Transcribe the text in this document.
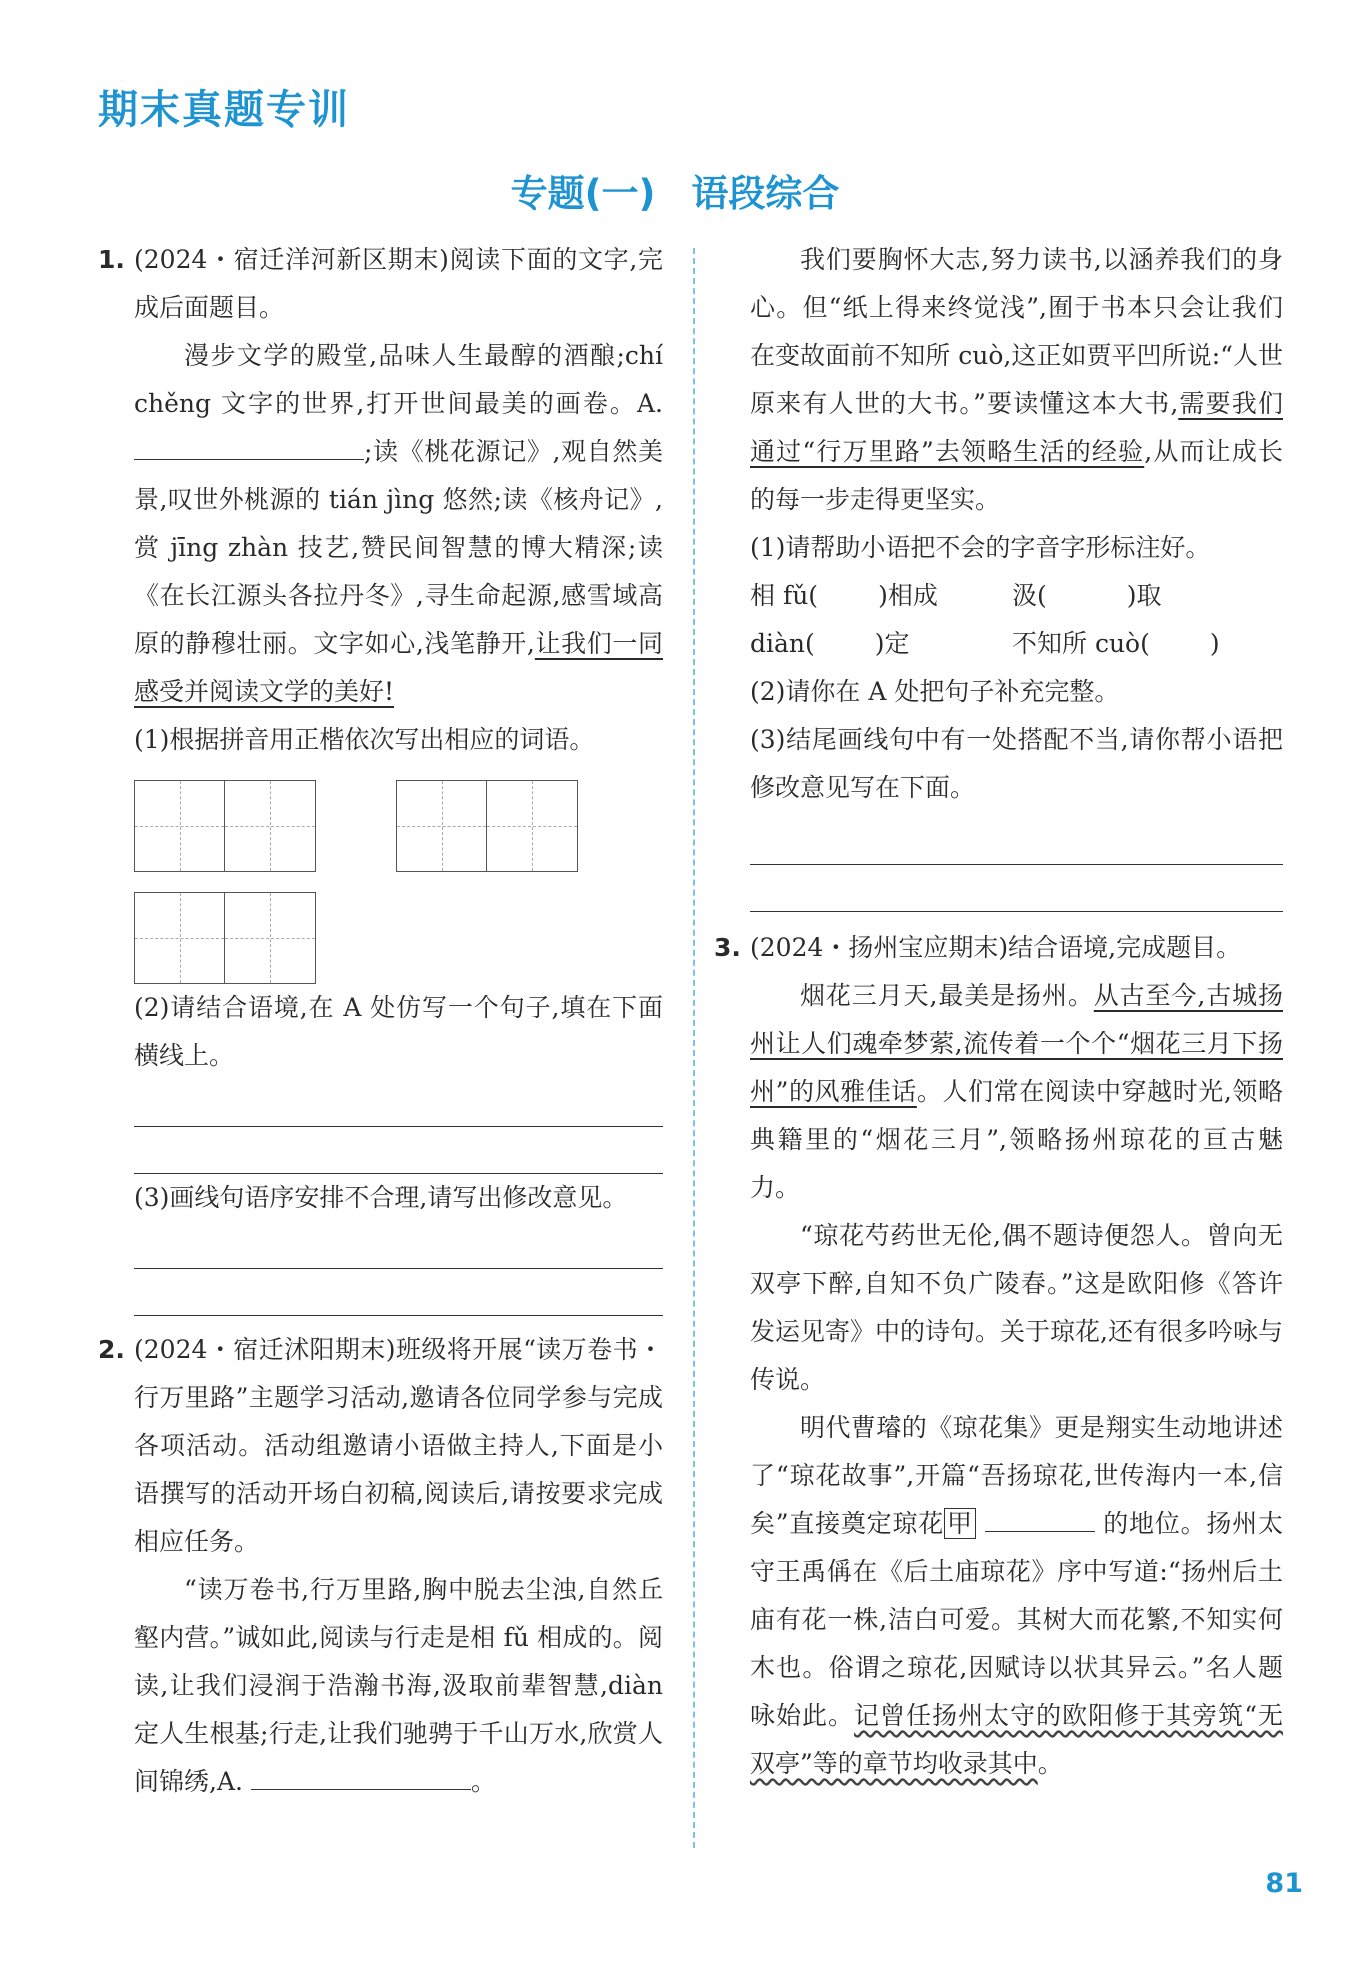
期末真题专训
专题(一) 语段综合
1. (2024・宿迁洋河新区期末)阅读下面的文字,完成后面题目。

漫步文学的殿堂,品味人生最醇的酒酿;chí chěng 文字的世界,打开世间最美的画卷。A. ;读《桃花源记》,观自然美景,叹世外桃源的 tián jìng 悠然;读《核舟记》,赏 jīng zhàn 技艺,赞民间智慧的博大精深;读《在长江源头各拉丹冬》,寻生命起源,感雪域高原的静穆壮丽。文字如心,浅笔静开,让我们一同感受并阅读文学的美好!

(1)根据拼音用正楷依次写出相应的词语。

(2)请结合语境,在 A 处仿写一个句子,填在下面横线上。

(3)画线句语序安排不合理,请写出修改意见。

2. (2024・宿迁沭阳期末)班级将开展“读万卷书・行万里路”主题学习活动,邀请各位同学参与完成各项活动。活动组邀请小语做主持人,下面是小语撰写的活动开场白初稿,阅读后,请按要求完成相应任务。

“读万卷书,行万里路,胸中脱去尘浊,自然丘壑内营。”诚如此,阅读与行走是相 fǔ 相成的。阅读,让我们浸润于浩瀚书海,汲取前辈智慧,diàn 定人生根基;行走,让我们驰骋于千山万水,欣赏人间锦绣,A.	。

我们要胸怀大志,努力读书,以涵养我们的身心。但“纸上得来终觉浅”,囿于书本只会让我们在变故面前不知所 cuò,这正如贾平凹所说:“人世原来有人世的大书。”要读懂这本大书,需要我们通过“行万里路”去领略生活的经验,从而让成长的每一步走得更坚实。

(1)请帮助小语把不会的字音字形标注好。

相 fǔ( )相成	汲(	)取
diàn( )定	不知所 cuò( )

(2)请你在 A 处把句子补充完整。

(3)结尾画线句中有一处搭配不当,请你帮小语把修改意见写在下面。

3. (2024・扬州宝应期末)结合语境,完成题目。

烟花三月天,最美是扬州。从古至今,古城扬州让人们魂牵梦萦,流传着一个个“烟花三月下扬州”的风雅佳话。人们常在阅读中穿越时光,领略典籍里的“烟花三月”,领略扬州琼花的亘古魅力。

“琼花芍药世无伦,偶不题诗便怨人。曾向无双亭下醉,自知不负广陵春。”这是欧阳修《答许发运见寄》中的诗句。关于琼花,还有很多吟咏与传说。

明代曹璿的《琼花集》更是翔实生动地讲述了“琼花故事”,开篇“吾扬琼花,世传海内一本,信矣”直接奠定琼花 甲	的地位。扬州太守王禹偁在《后土庙琼花》序中写道:“扬州后土庙有花一株,洁白可爱。其树大而花繁,不知实何木也。俗谓之琼花,因赋诗以状其异云。”名人题咏始此。记曾任扬州太守的欧阳修于其旁筑“无双亭”等的章节均收录其中。

81
